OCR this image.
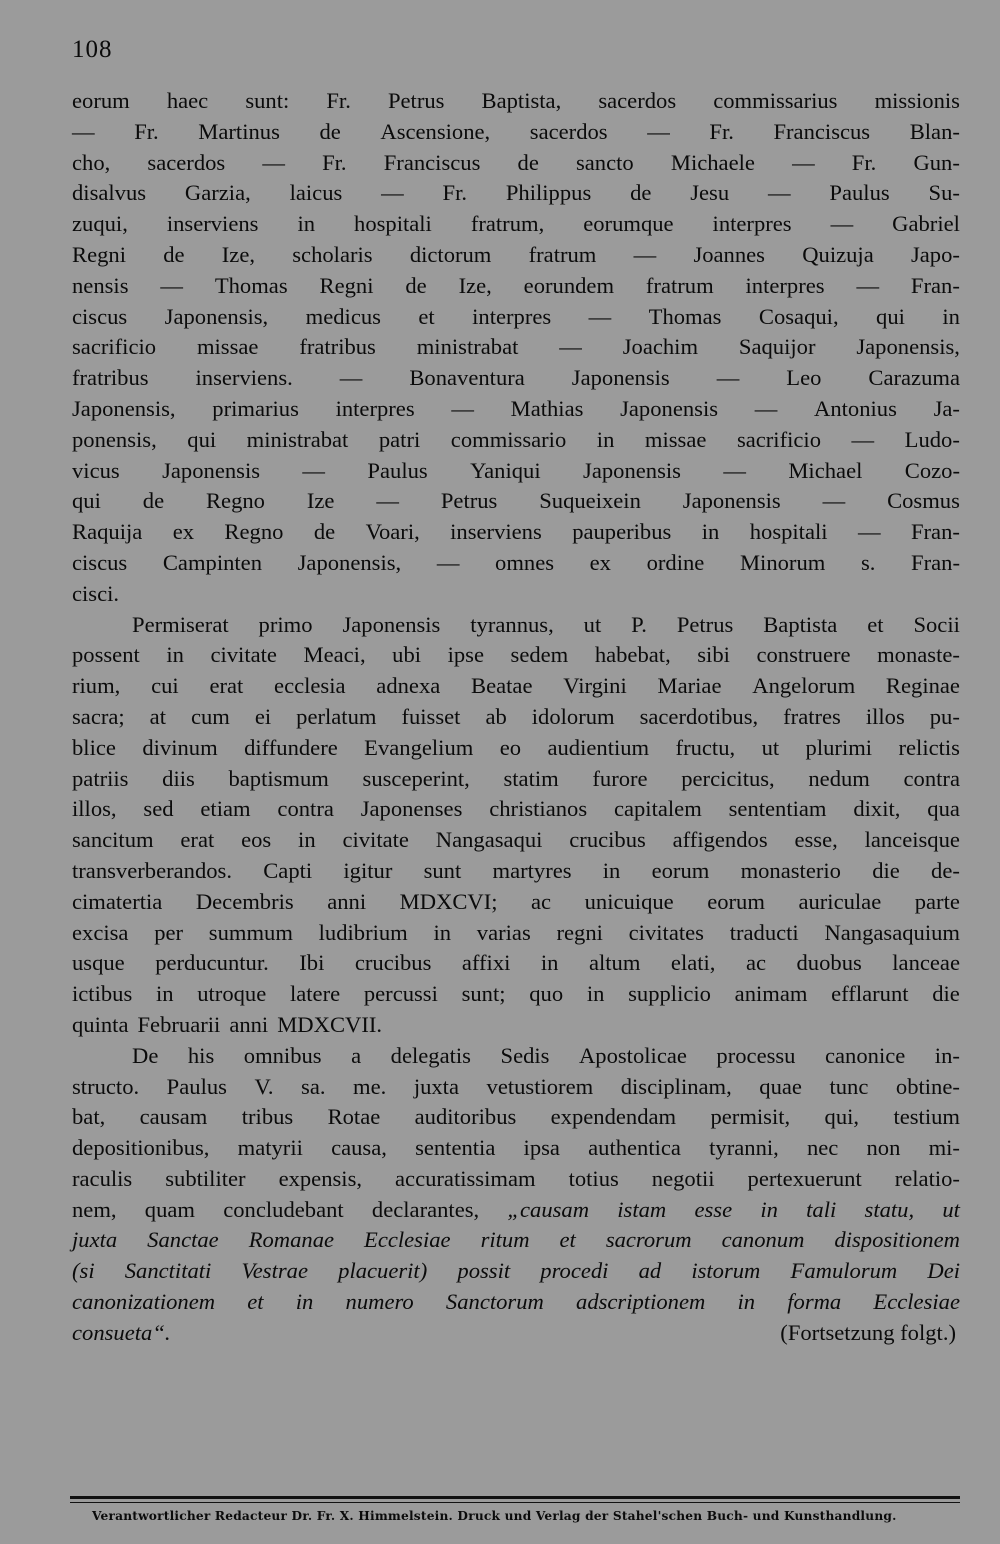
108
eorum haec sunt: Fr. Petrus Baptista, sacerdos commissarius missionis
— Fr. Martinus de Ascensione, sacerdos — Fr. Franciscus Blan-
cho, sacerdos — Fr. Franciscus de sancto Michaele — Fr. Gun-
disalvus Garzia, laicus — Fr. Philippus de Jesu — Paulus Su-
zuqui, inserviens in hospitali fratrum, eorumque interpres — Gabriel
Regni de Ize, scholaris dictorum fratrum — Joannes Quizuja Japo-
nensis — Thomas Regni de Ize, eorundem fratrum interpres — Fran-
ciscus Japonensis, medicus et interpres — Thomas Cosaqui, qui in
sacrificio missae fratribus ministrabat — Joachim Saquijor Japonensis,
fratribus inserviens. — Bonaventura Japonensis — Leo Carazuma
Japonensis, primarius interpres — Mathias Japonensis — Antonius Ja-
ponensis, qui ministrabat patri commissario in missae sacrificio — Ludo-
vicus Japonensis — Paulus Yaniqui Japonensis — Michael Cozo-
qui de Regno Ize — Petrus Suqueixein Japonensis — Cosmus
Raquija ex Regno de Voari, inserviens pauperibus in hospitali — Fran-
ciscus Campinten Japonensis, — omnes ex ordine Minorum s. Fran-
cisci.
Permiserat primo Japonensis tyrannus, ut P. Petrus Baptista et Socii
possent in civitate Meaci, ubi ipse sedem habebat, sibi construere monaste-
rium, cui erat ecclesia adnexa Beatae Virgini Mariae Angelorum Reginae
sacra; at cum ei perlatum fuisset ab idolorum sacerdotibus, fratres illos pu-
blice divinum diffundere Evangelium eo audientium fructu, ut plurimi relictis
patriis diis baptismum susceperint, statim furore percicitus, nedum contra
illos, sed etiam contra Japonenses christianos capitalem sententiam dixit, qua
sancitum erat eos in civitate Nangasaqui crucibus affigendos esse, lanceisque
transverberandos. Capti igitur sunt martyres in eorum monasterio die de-
cimatertia Decembris anni MDXCVI; ac unicuique eorum auriculae parte
excisa per summum ludibrium in varias regni civitates traducti Nangasaquium
usque perducuntur. Ibi crucibus affixi in altum elati, ac duobus lanceae
ictibus in utroque latere percussi sunt; quo in supplicio animam efflarunt die
quinta Februarii anni MDXCVII.
De his omnibus a delegatis Sedis Apostolicae processu canonice in-
structo. Paulus V. sa. me. juxta vetustiorem disciplinam, quae tunc obtine-
bat, causam tribus Rotae auditoribus expendendam permisit, qui, testium
depositionibus, matyrii causa, sententia ipsa authentica tyranni, nec non mi-
raculis subtiliter expensis, accuratissimam totius negotii pertexuerunt relatio-
nem, quam concludebant declarantes, „causam istam esse in tali statu, ut
juxta Sanctae Romanae Ecclesiae ritum et sacrorum canonum dispositionem
(si Sanctitati Vestrae placuerit) possit procedi ad istorum Famulorum Dei
canonizationem et in numero Sanctorum adscriptionem in forma Ecclesiae
consueta“.	(Fortsetzung folgt.)
Verantwortlicher Redacteur Dr. Fr. X. Himmelstein. Druck und Verlag der Stahel'schen Buch- und Kunsthandlung.
